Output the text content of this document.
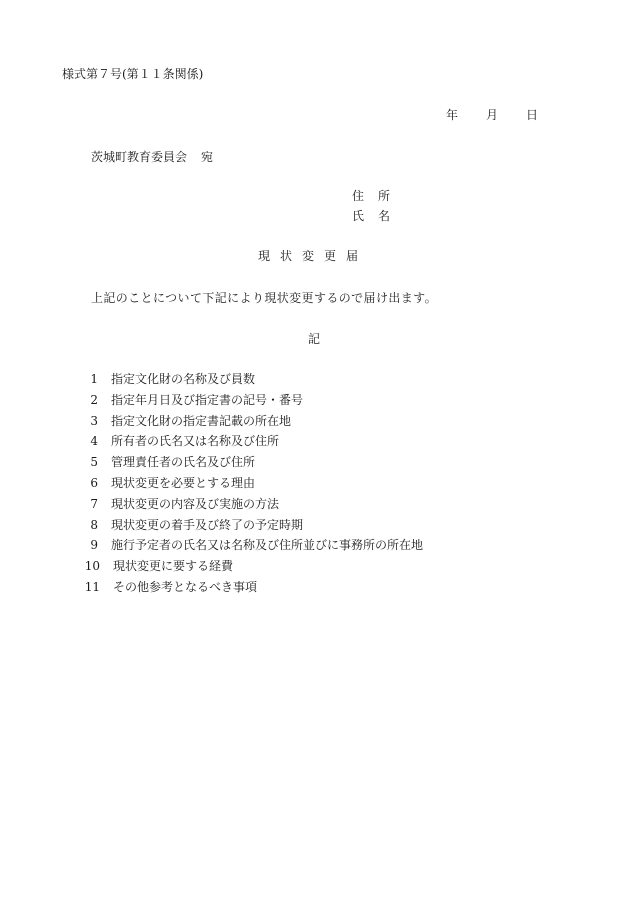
様式第７号(第１１条関係)
年 月 日
茨城町教育委員会 宛
住 所
氏 名
現状変更届
上記のことについて下記により現状変更するので届け出ます。
記
1 指定文化財の名称及び員数
2 指定年月日及び指定書の記号・番号
3 指定文化財の指定書記載の所在地
4 所有者の氏名又は名称及び住所
5 管理責任者の氏名及び住所
6 現状変更を必要とする理由
7 現状変更の内容及び実施の方法
8 現状変更の着手及び終了の予定時期
9 施行予定者の氏名又は名称及び住所並びに事務所の所在地
10 現状変更に要する経費
11 その他参考となるべき事項
